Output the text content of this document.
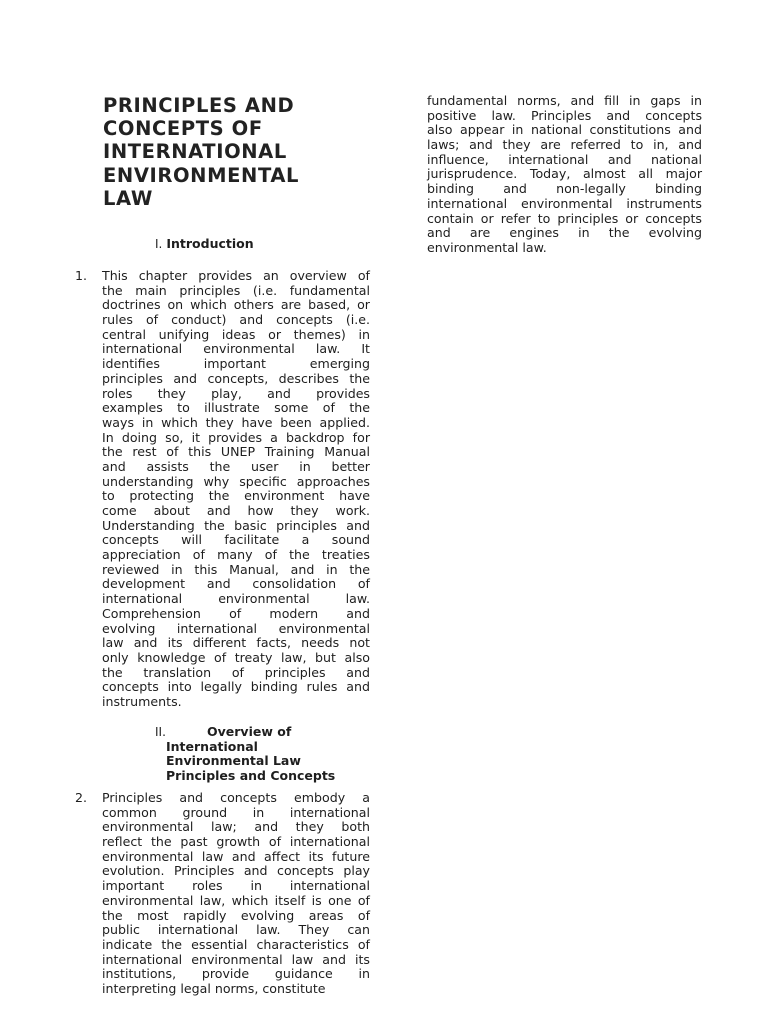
PRINCIPLES AND
CONCEPTS OF
INTERNATIONAL
ENVIRONMENTAL
LAW
I. Introduction
1. This chapter provides an overview of
the main principles (i.e. fundamental
doctrines on which others are based, or
rules of conduct) and concepts (i.e.
central unifying ideas or themes) in
international environmental law. It
identifies important emerging
principles and concepts, describes the
roles they play, and provides
examples to illustrate some of the
ways in which they have been applied.
In doing so, it provides a backdrop for
the rest of this UNEP Training Manual
and assists the user in better
understanding why specific approaches
to protecting the environment have
come about and how they work.
Understanding the basic principles and
concepts will facilitate a sound
appreciation of many of the treaties
reviewed in this Manual, and in the
development and consolidation of
international environmental law.
Comprehension of modern and
evolving international environmental
law and its different facts, needs not
only knowledge of treaty law, but also
the translation of principles and
concepts into legally binding rules and
instruments.
II.	Overview of
International
Environmental Law
Principles and Concepts
2. Principles and concepts embody a
common ground in international
environmental law; and they both
reflect the past growth of international
environmental law and affect its future
evolution. Principles and concepts play
important roles in international
environmental law, which itself is one of
the most rapidly evolving areas of
public international law. They can
indicate the essential characteristics of
international environmental law and its
institutions, provide guidance in
interpreting legal norms, constitute
fundamental norms, and fill in gaps in
positive law. Principles and concepts
also appear in national constitutions and
laws; and they are referred to in, and
influence, international and national
jurisprudence. Today, almost all major
binding and non-legally binding
international environmental instruments
contain or refer to principles or concepts
and are engines in the evolving
environmental law.
